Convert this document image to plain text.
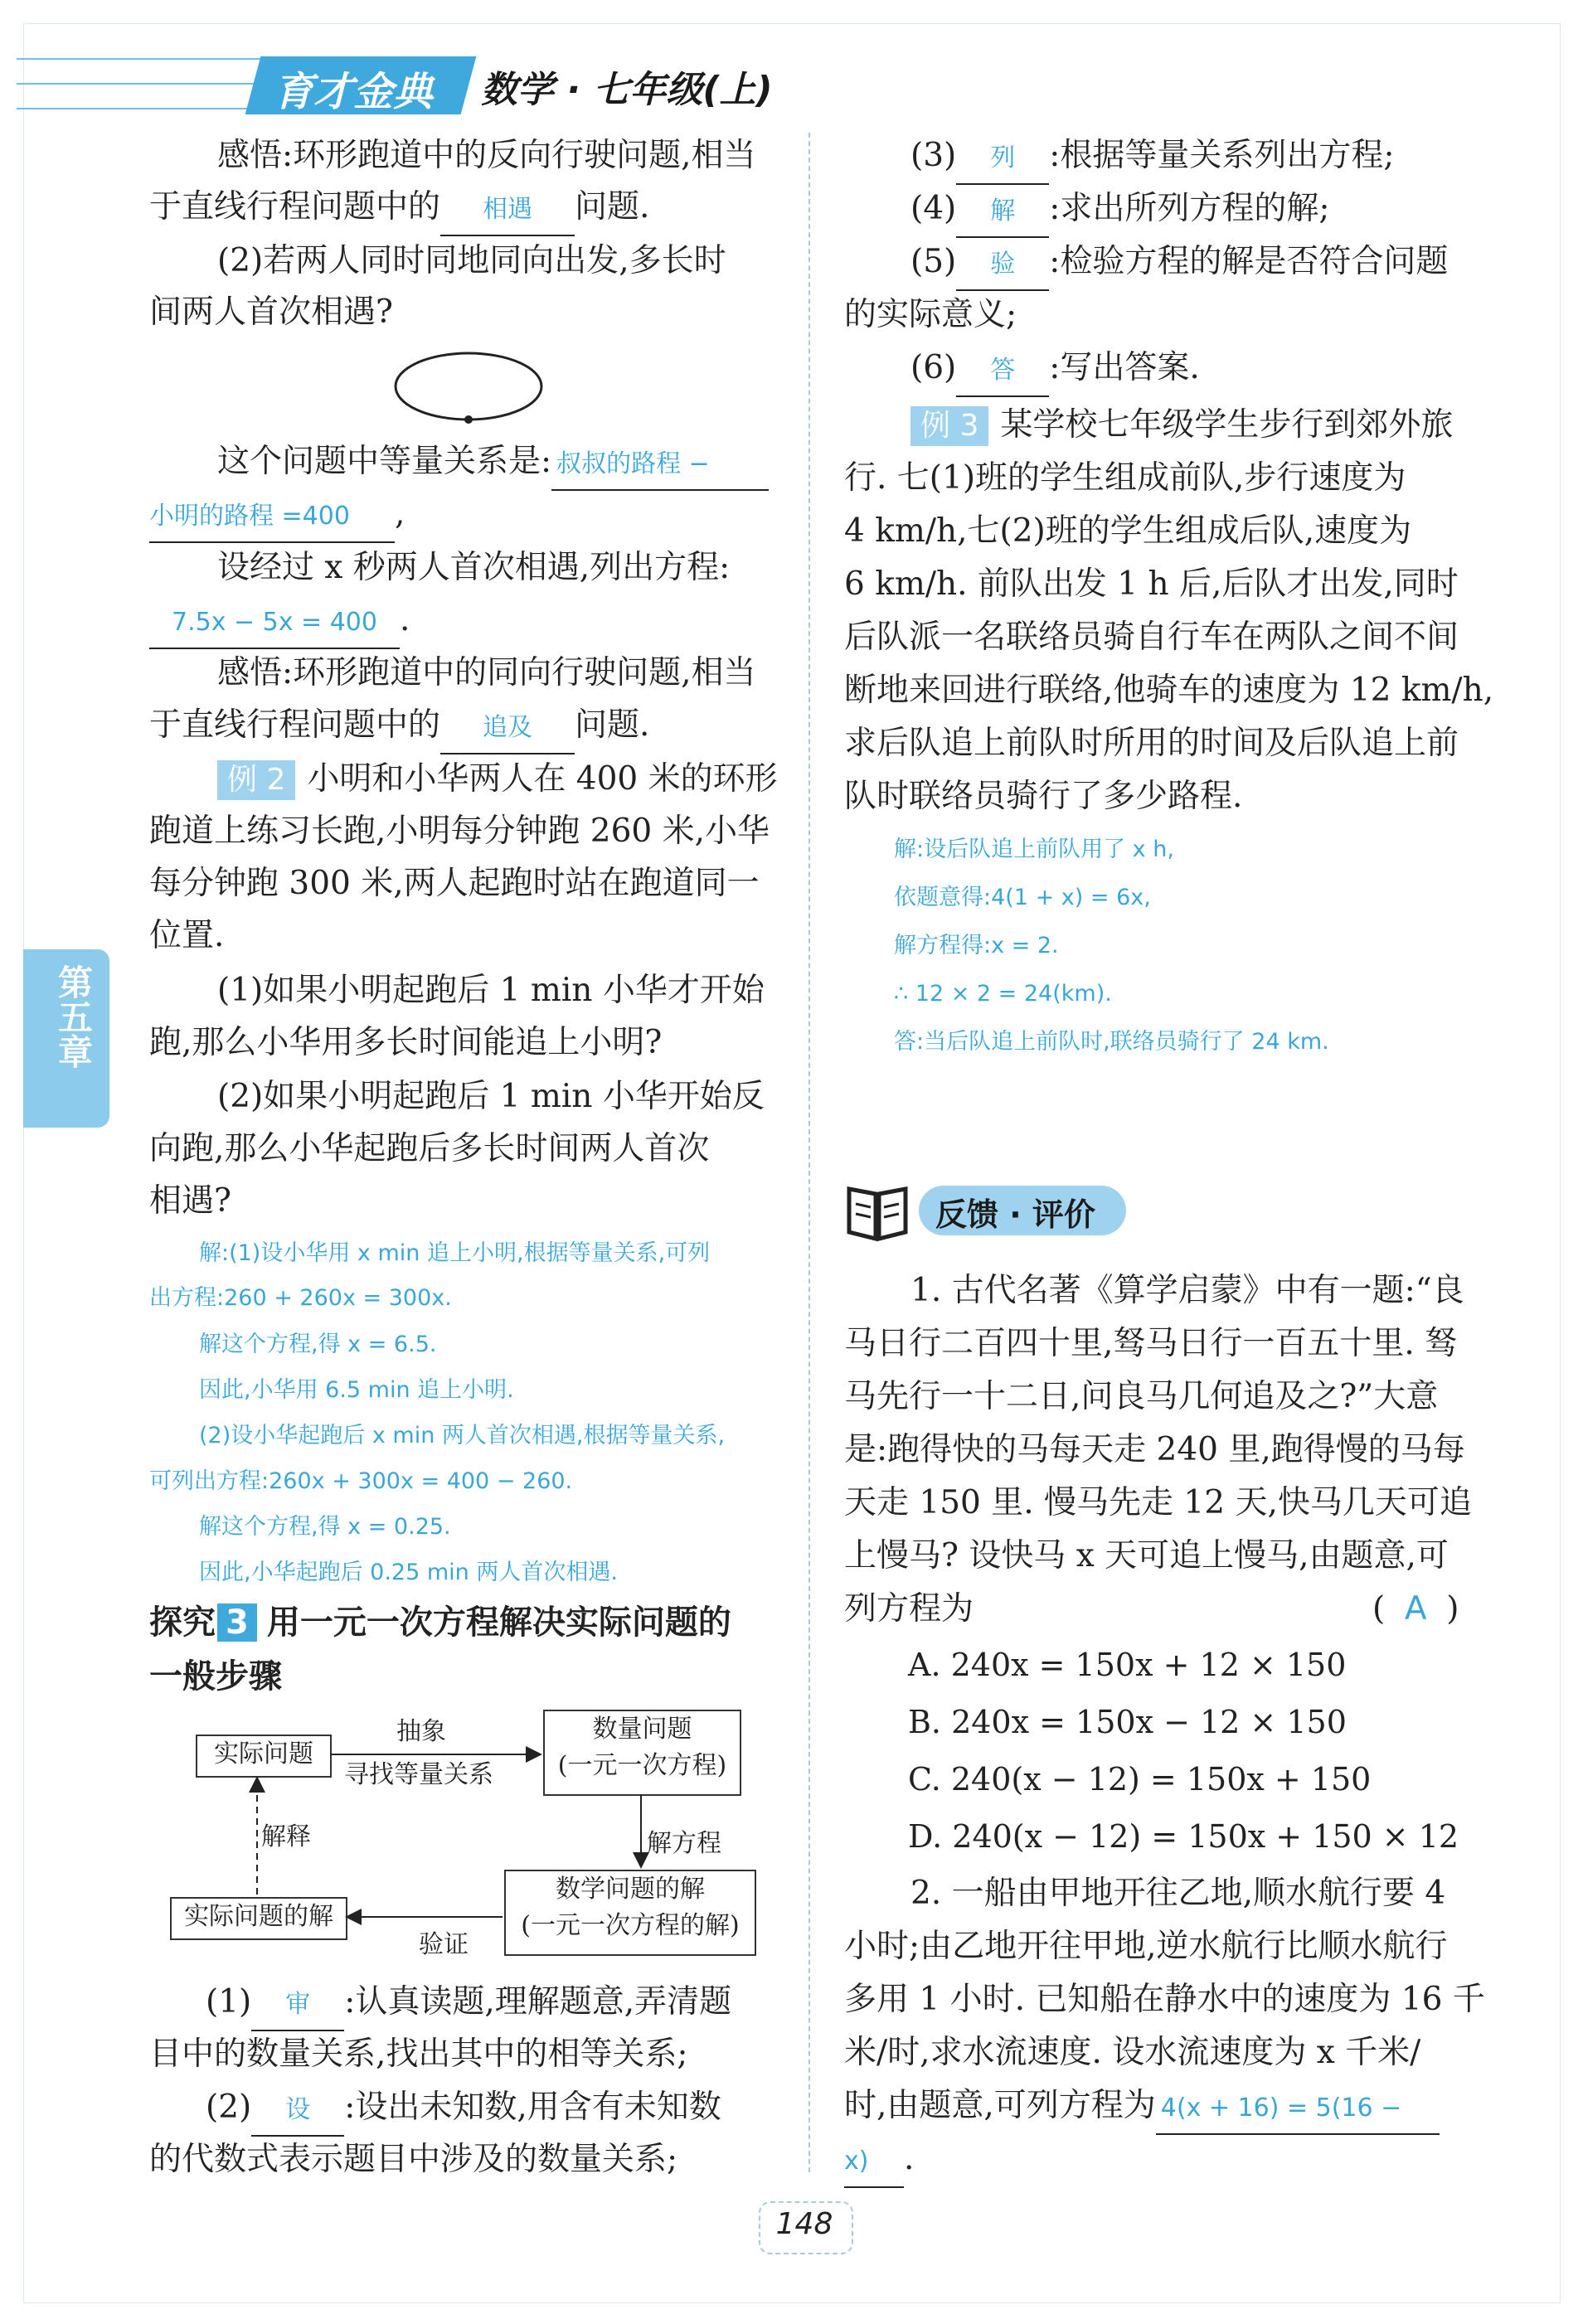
育才金典 数学 · 七年级(上)
第五章
感悟:环形跑道中的反向行驶问题,相当
于直线行程问题中的 相遇 问题.
(2)若两人同时同地同向出发,多长时
间两人首次相遇?
这个问题中等量关系是: 叔叔的路程 −
小明的路程 =400 ,
设经过 x 秒两人首次相遇,列出方程:
7.5x − 5x = 400 .
感悟:环形跑道中的同向行驶问题,相当
于直线行程问题中的 追及 问题.
例 2 小明和小华两人在 400 米的环形
跑道上练习长跑,小明每分钟跑 260 米,小华
每分钟跑 300 米,两人起跑时站在跑道同一
位置.
(1)如果小明起跑后 1 min 小华才开始
跑,那么小华用多长时间能追上小明?
(2)如果小明起跑后 1 min 小华开始反
向跑,那么小华起跑后多长时间两人首次
相遇?
解:(1)设小华用 x min 追上小明,根据等量关系,可列
出方程:260 + 260x = 300x.
解这个方程,得 x = 6.5.
因此,小华用 6.5 min 追上小明.
(2)设小华起跑后 x min 两人首次相遇,根据等量关系,
可列出方程:260x + 300x = 400 − 260.
解这个方程,得 x = 0.25.
因此,小华起跑后 0.25 min 两人首次相遇.
探究 3 用一元一次方程解决实际问题的
一般步骤
实际问题
数量问题
(一元一次方程)
实际问题的解
数学问题的解
(一元一次方程的解)
抽象
寻找等量关系
解方程
验证
解释
(1) 审 :认真读题,理解题意,弄清题
目中的数量关系,找出其中的相等关系;
(2) 设 :设出未知数,用含有未知数
的代数式表示题目中涉及的数量关系;
(3) 列 :根据等量关系列出方程;
(4) 解 :求出所列方程的解;
(5) 验 :检验方程的解是否符合问题
的实际意义;
(6) 答 :写出答案.
例 3 某学校七年级学生步行到郊外旅
行. 七(1)班的学生组成前队,步行速度为
4 km/h,七(2)班的学生组成后队,速度为
6 km/h. 前队出发 1 h 后,后队才出发,同时
后队派一名联络员骑自行车在两队之间不间
断地来回进行联络,他骑车的速度为 12 km/h,
求后队追上前队时所用的时间及后队追上前
队时联络员骑行了多少路程.
解:设后队追上前队用了 x h,
依题意得:4(1 + x) = 6x,
解方程得:x = 2.
∴ 12 × 2 = 24(km).
答:当后队追上前队时,联络员骑行了 24 km.
反馈 · 评价
1. 古代名著《算学启蒙》中有一题:“良
马日行二百四十里,驽马日行一百五十里. 驽
马先行一十二日,问良马几何追及之?”大意
是:跑得快的马每天走 240 里,跑得慢的马每
天走 150 里. 慢马先走 12 天,快马几天可追
上慢马? 设快马 x 天可追上慢马,由题意,可
列方程为	( A )
A. 240x = 150x + 12 × 150
B. 240x = 150x − 12 × 150
C. 240(x − 12) = 150x + 150
D. 240(x − 12) = 150x + 150 × 12
2. 一船由甲地开往乙地,顺水航行要 4
小时;由乙地开往甲地,逆水航行比顺水航行
多用 1 小时. 已知船在静水中的速度为 16 千
米/时,求水流速度. 设水流速度为 x 千米/
时,由题意,可列方程为 4(x + 16) = 5(16 −
x) .
148
